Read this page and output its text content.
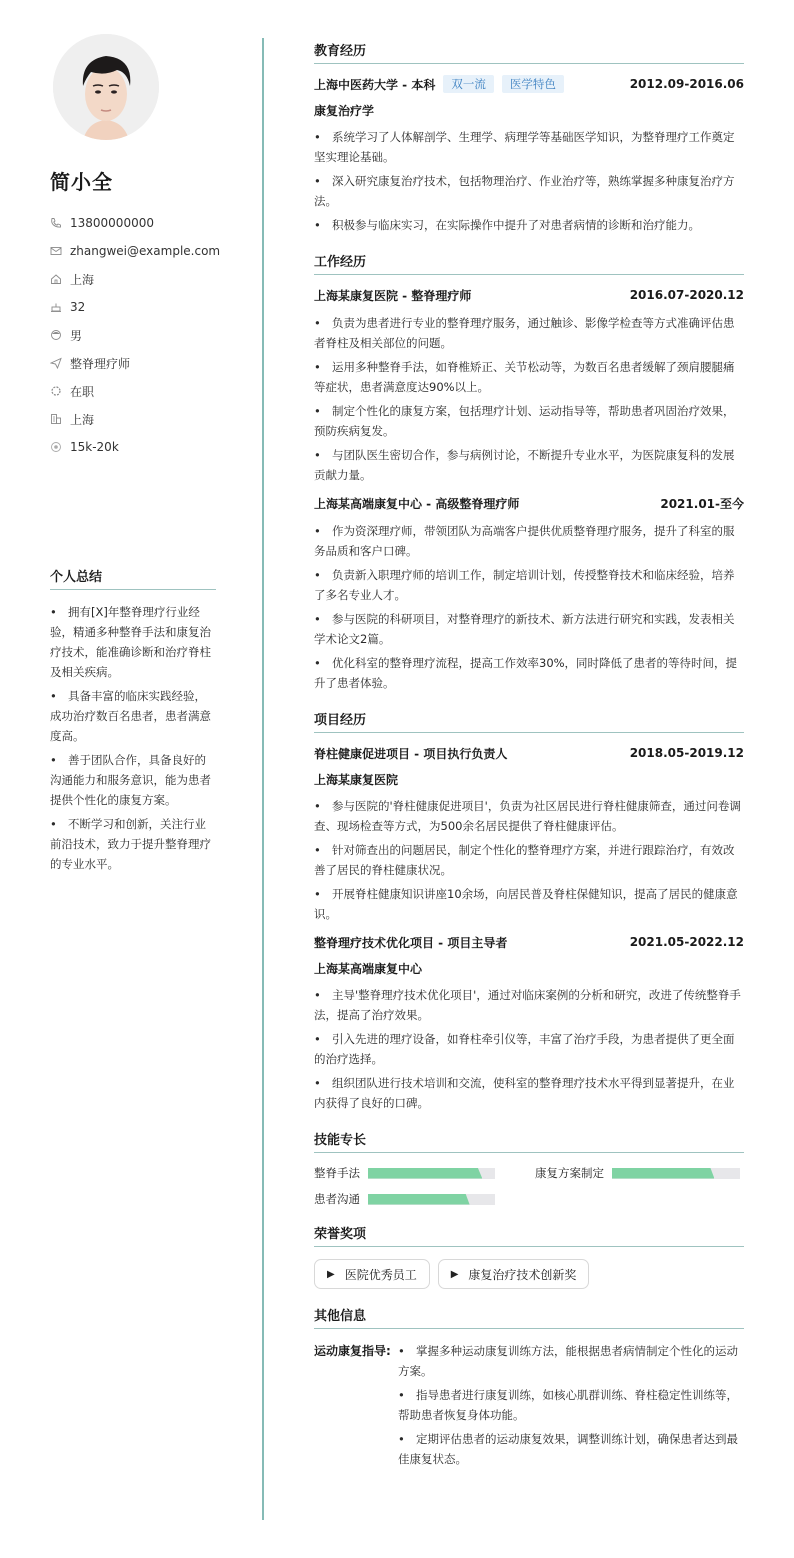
简小全
13800000000
zhangwei@example.com
上海
32
男
整脊理疗师
在职
上海
15k-20k
个人总结
•拥有[X]年整脊理疗行业经验，精通多种整脊手法和康复治疗技术，能准确诊断和治疗脊柱及相关疾病。
•具备丰富的临床实践经验，成功治疗数百名患者，患者满意度高。
•善于团队合作，具备良好的沟通能力和服务意识，能为患者提供个性化的康复方案。
•不断学习和创新，关注行业前沿技术，致力于提升整脊理疗的专业水平。
教育经历
上海中医药大学 - 本科	双一流	医学特色	2012.09-2016.06
康复治疗学
•系统学习了人体解剖学、生理学、病理学等基础医学知识，为整脊理疗工作奠定坚实理论基础。
•深入研究康复治疗技术，包括物理治疗、作业治疗等，熟练掌握多种康复治疗方法。
•积极参与临床实习，在实际操作中提升了对患者病情的诊断和治疗能力。
工作经历
上海某康复医院 - 整脊理疗师	2016.07-2020.12
•负责为患者进行专业的整脊理疗服务，通过触诊、影像学检查等方式准确评估患者脊柱及相关部位的问题。
•运用多种整脊手法，如脊椎矫正、关节松动等，为数百名患者缓解了颈肩腰腿痛等症状，患者满意度达90%以上。
•制定个性化的康复方案，包括理疗计划、运动指导等，帮助患者巩固治疗效果，预防疾病复发。
•与团队医生密切合作，参与病例讨论，不断提升专业水平，为医院康复科的发展贡献力量。
上海某高端康复中心 - 高级整脊理疗师	2021.01-至今
•作为资深理疗师，带领团队为高端客户提供优质整脊理疗服务，提升了科室的服务品质和客户口碑。
•负责新入职理疗师的培训工作，制定培训计划，传授整脊技术和临床经验，培养了多名专业人才。
•参与医院的科研项目，对整脊理疗的新技术、新方法进行研究和实践，发表相关学术论文2篇。
•优化科室的整脊理疗流程，提高工作效率30%，同时降低了患者的等待时间，提升了患者体验。
项目经历
脊柱健康促进项目 - 项目执行负责人	2018.05-2019.12
上海某康复医院
•参与医院的'脊柱健康促进项目'，负责为社区居民进行脊柱健康筛查，通过问卷调查、现场检查等方式，为500余名居民提供了脊柱健康评估。
•针对筛查出的问题居民，制定个性化的整脊理疗方案，并进行跟踪治疗，有效改善了居民的脊柱健康状况。
•开展脊柱健康知识讲座10余场，向居民普及脊柱保健知识，提高了居民的健康意识。
整脊理疗技术优化项目 - 项目主导者	2021.05-2022.12
上海某高端康复中心
•主导'整脊理疗技术优化项目'，通过对临床案例的分析和研究，改进了传统整脊手法，提高了治疗效果。
•引入先进的理疗设备，如脊柱牵引仪等，丰富了治疗手段，为患者提供了更全面的治疗选择。
•组织团队进行技术培训和交流，使科室的整脊理疗技术水平得到显著提升，在业内获得了良好的口碑。
技能专长
整脊手法	康复方案制定
患者沟通
荣誉奖项
▶ 医院优秀员工	▶ 康复治疗技术创新奖
其他信息
运动康复指导: •	掌握多种运动康复训练方法，能根据患者病情制定个性化的运动方案。
•指导患者进行康复训练，如核心肌群训练、脊柱稳定性训练等，帮助患者恢复身体功能。
•定期评估患者的运动康复效果，调整训练计划，确保患者达到最佳康复状态。
